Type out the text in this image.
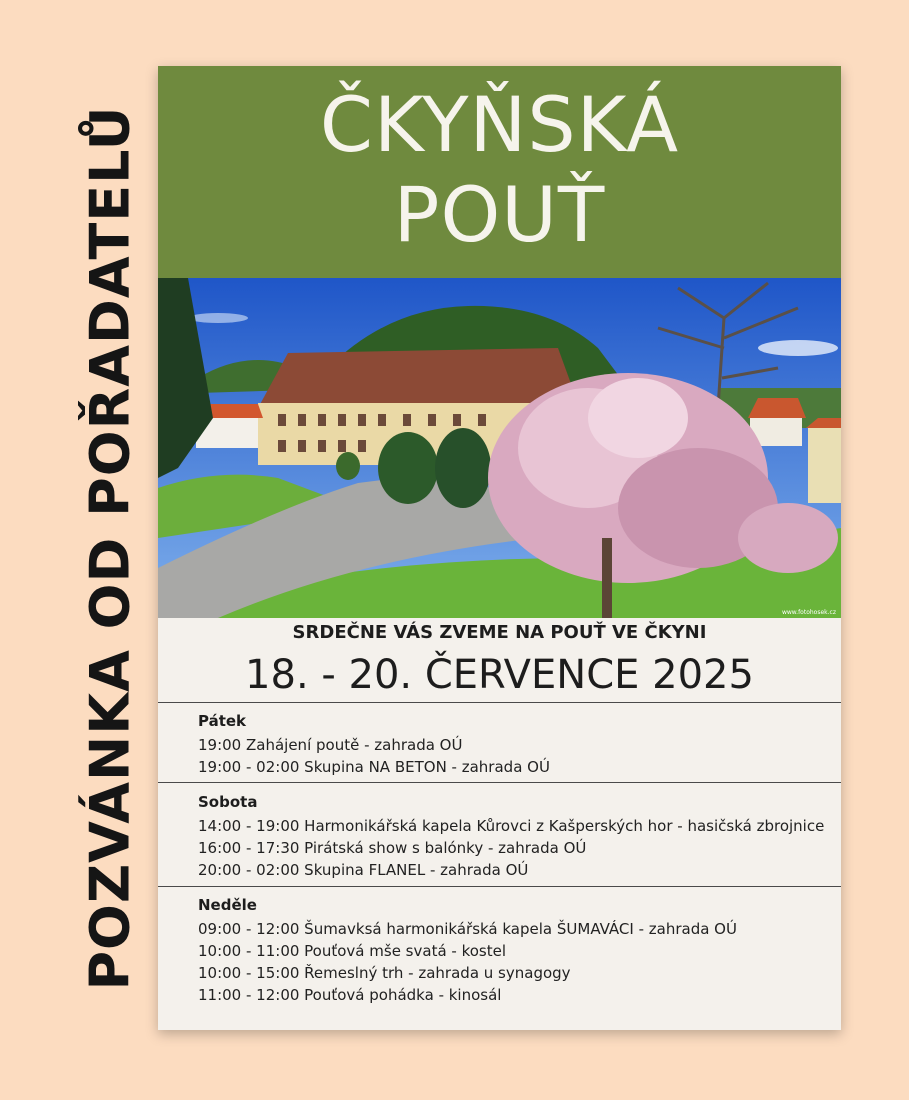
POZVÁNKA OD POŘADATELŮ	ČKYŇSKÁ
POUŤ
www.fotohosek.cz
SRDEČNE VÁS ZVEME NA POUŤ VE ČKYNI
18. - 20. ČERVENCE 2025
Pátek
19:00 Zahájení poutě - zahrada OÚ
19:00 - 02:00 Skupina NA BETON - zahrada OÚ
Sobota
14:00 - 19:00 Harmonikářská kapela Kůrovci z Kašperských hor - hasičská zbrojnice
16:00 - 17:30 Pirátská show s balónky - zahrada OÚ
20:00 - 02:00 Skupina FLANEL - zahrada OÚ
Neděle
09:00 - 12:00 Šumavksá harmonikářská kapela ŠUMAVÁCI - zahrada OÚ
10:00 - 11:00 Pouťová mše svatá - kostel
10:00 - 15:00 Řemeslný trh - zahrada u synagogy
11:00 - 12:00 Pouťová pohádka - kinosál
